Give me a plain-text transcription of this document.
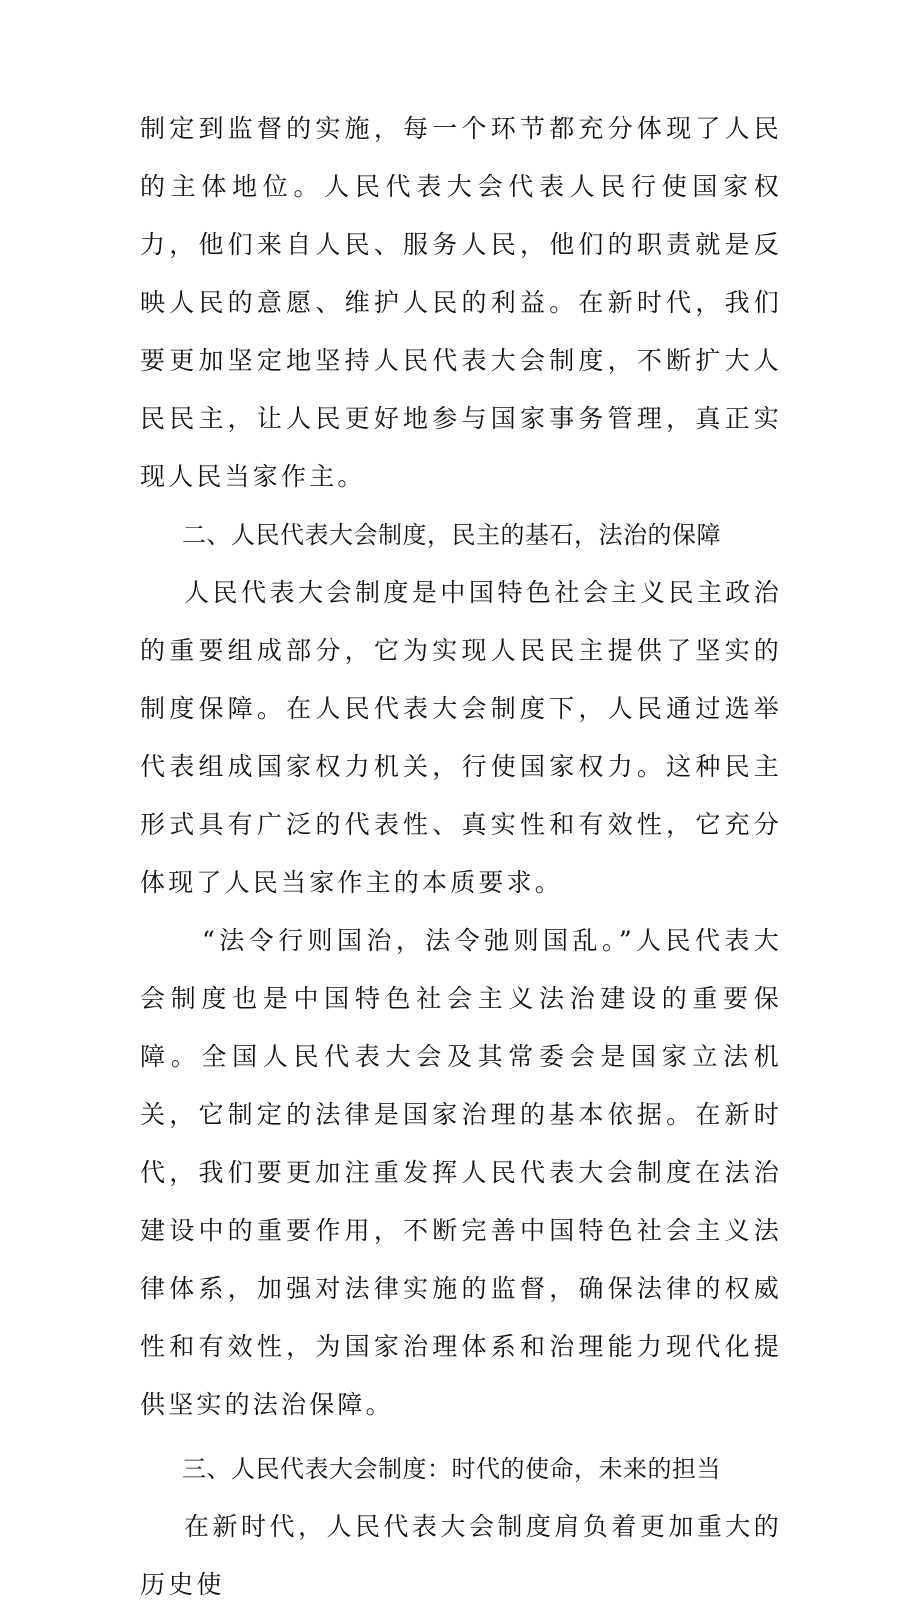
制定到监督的实施，每一个环节都充分体现了人民的主体地位。人民代表大会代表人民行使国家权力，他们来自人民、服务人民，他们的职责就是反映人民的意愿、维护人民的利益。在新时代，我们要更加坚定地坚持人民代表大会制度，不断扩大人民民主，让人民更好地参与国家事务管理，真正实现人民当家作主。

二、人民代表大会制度，民主的基石，法治的保障

人民代表大会制度是中国特色社会主义民主政治的重要组成部分，它为实现人民民主提供了坚实的制度保障。在人民代表大会制度下，人民通过选举代表组成国家权力机关，行使国家权力。这种民主形式具有广泛的代表性、真实性和有效性，它充分体现了人民当家作主的本质要求。

“法令行则国治，法令弛则国乱。”人民代表大会制度也是中国特色社会主义法治建设的重要保障。全国人民代表大会及其常委会是国家立法机关，它制定的法律是国家治理的基本依据。在新时代，我们要更加注重发挥人民代表大会制度在法治建设中的重要作用，不断完善中国特色社会主义法律体系，加强对法律实施的监督，确保法律的权威性和有效性，为国家治理体系和治理能力现代化提供坚实的法治保障。

三、人民代表大会制度：时代的使命，未来的担当

在新时代，人民代表大会制度肩负着更加重大的历史使
